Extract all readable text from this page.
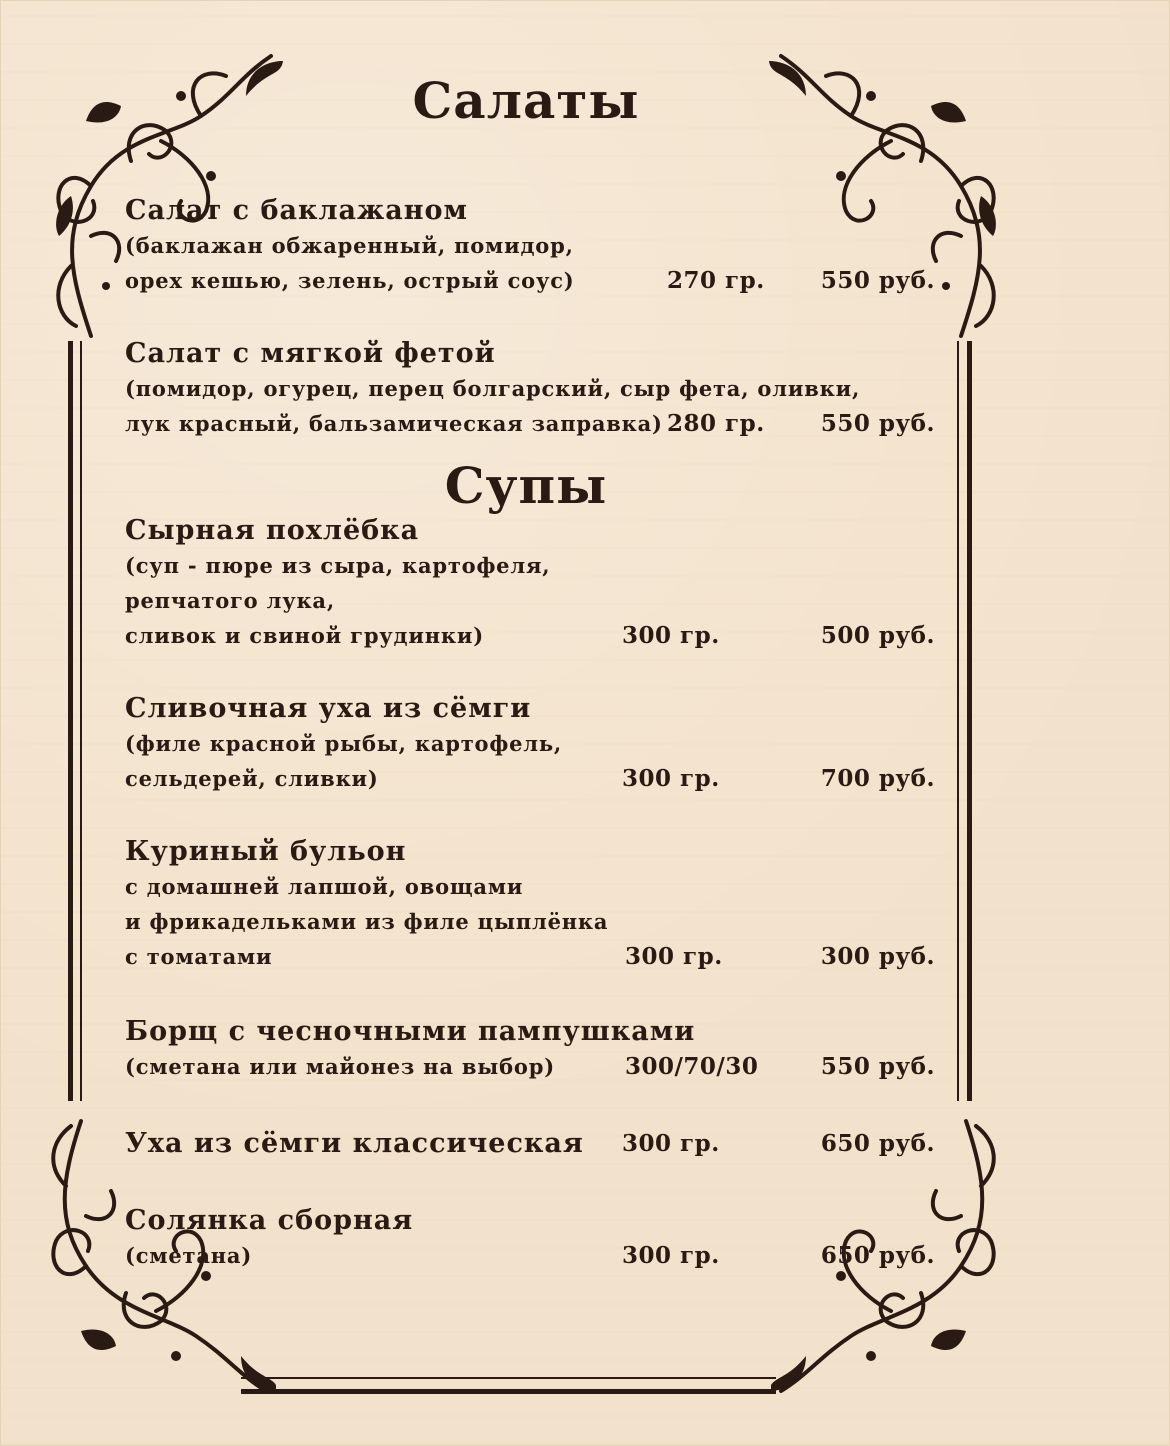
Салаты
Салат с баклажаном
(баклажан обжаренный, помидор,
орех кешью, зелень, острый соус)	270 гр. 550 руб.
Салат с мягкой фетой
(помидор, огурец, перец болгарский, сыр фета, оливки,
лук красный, бальзамическая заправка) 280 гр. 550 руб.
Супы
Сырная похлёбка
(суп - пюре из сыра, картофеля,
репчатого лука,
сливок и свиной грудинки)	300 гр.	500 руб.
Сливочная уха из сёмги
(филе красной рыбы, картофель,
сельдерей, сливки)	300 гр.	700 руб.
Куриный бульон
с домашней лапшой, овощами
и фрикадельками из филе цыплёнка
с томатами	300 гр.	300 руб.
Борщ с чесночными пампушками
(сметана или майонез на выбор)	300/70/30	550 руб.
Уха из сёмги классическая 300 гр.	650 руб.
Солянка сборная
(сметана)	300 гр.	650 руб.
